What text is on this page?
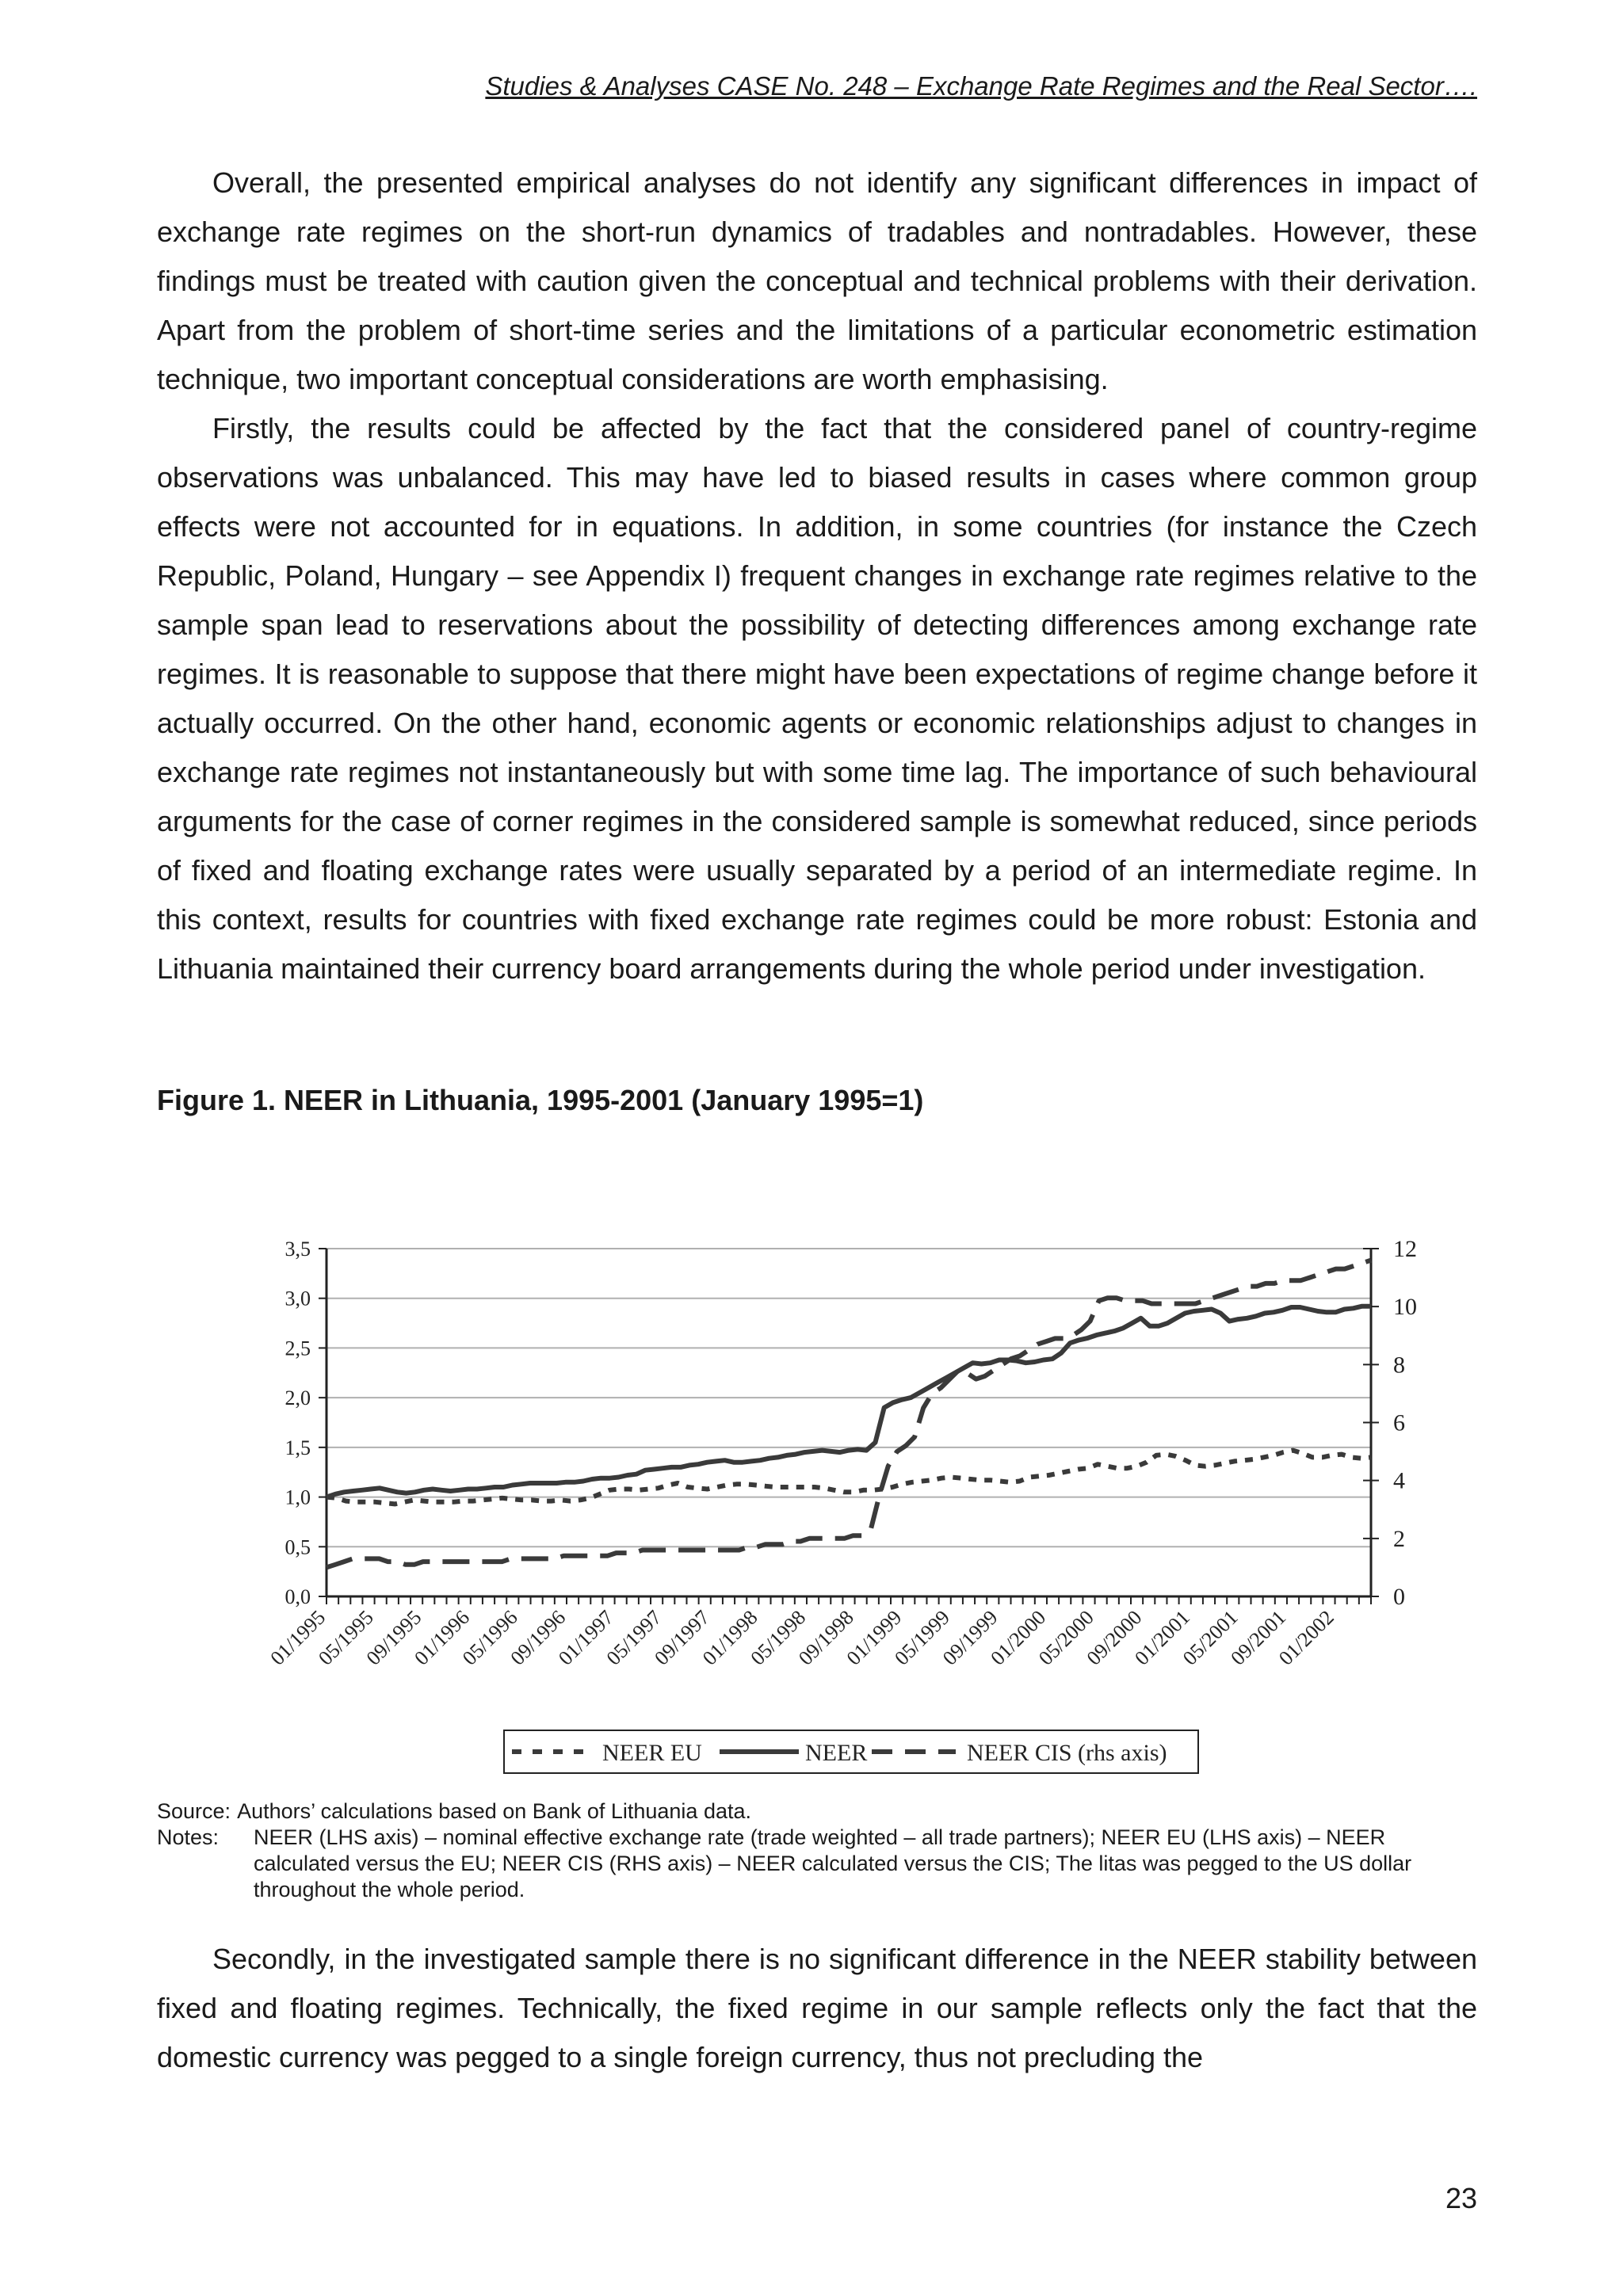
Studies & Analyses CASE No. 248 – Exchange Rate Regimes and the Real Sector….

Overall, the presented empirical analyses do not identify any significant differences in impact of exchange rate regimes on the short-run dynamics of tradables and nontradables. However, these findings must be treated with caution given the conceptual and technical problems with their derivation. Apart from the problem of short-time series and the limitations of a particular econometric estimation technique, two important conceptual considerations are worth emphasising.

Firstly, the results could be affected by the fact that the considered panel of country-regime observations was unbalanced. This may have led to biased results in cases where common group effects were not accounted for in equations. In addition, in some countries (for instance the Czech Republic, Poland, Hungary – see Appendix I) frequent changes in exchange rate regimes relative to the sample span lead to reservations about the possibility of detecting differences among exchange rate regimes. It is reasonable to suppose that there might have been expectations of regime change before it actually occurred. On the other hand, economic agents or economic relationships adjust to changes in exchange rate regimes not instantaneously but with some time lag. The importance of such behavioural arguments for the case of corner regimes in the considered sample is somewhat reduced, since periods of fixed and floating exchange rates were usually separated by a period of an intermediate regime. In this context, results for countries with fixed exchange rate regimes could be more robust: Estonia and Lithuania maintained their currency board arrangements during the whole period under investigation.

Figure 1. NEER in Lithuania, 1995-2001 (January 1995=1)
0,0
0,5
1,0
1,5
2,0
2,5
3,0
3,5
0
2
4
6
8
10
12
01/1995
05/1995
09/1995
01/1996
05/1996
09/1996
01/1997
05/1997
09/1997
01/1998
05/1998
09/1998
01/1999
05/1999
09/1999
01/2000
05/2000
09/2000
01/2001
05/2001
09/2001
01/2002
NEER EU	NEER	NEER CIS (rhs axis)
Source: Authors’ calculations based on Bank of Lithuania data.
Notes:	NEER (LHS axis) – nominal effective exchange rate (trade weighted – all trade partners); NEER EU (LHS axis) – NEER calculated versus the EU; NEER CIS (RHS axis) – NEER calculated versus the CIS; The litas was pegged to the US dollar throughout the whole period.

Secondly, in the investigated sample there is no significant difference in the NEER stability between fixed and floating regimes. Technically, the fixed regime in our sample reflects only the fact that the domestic currency was pegged to a single foreign currency, thus not precluding the

23
